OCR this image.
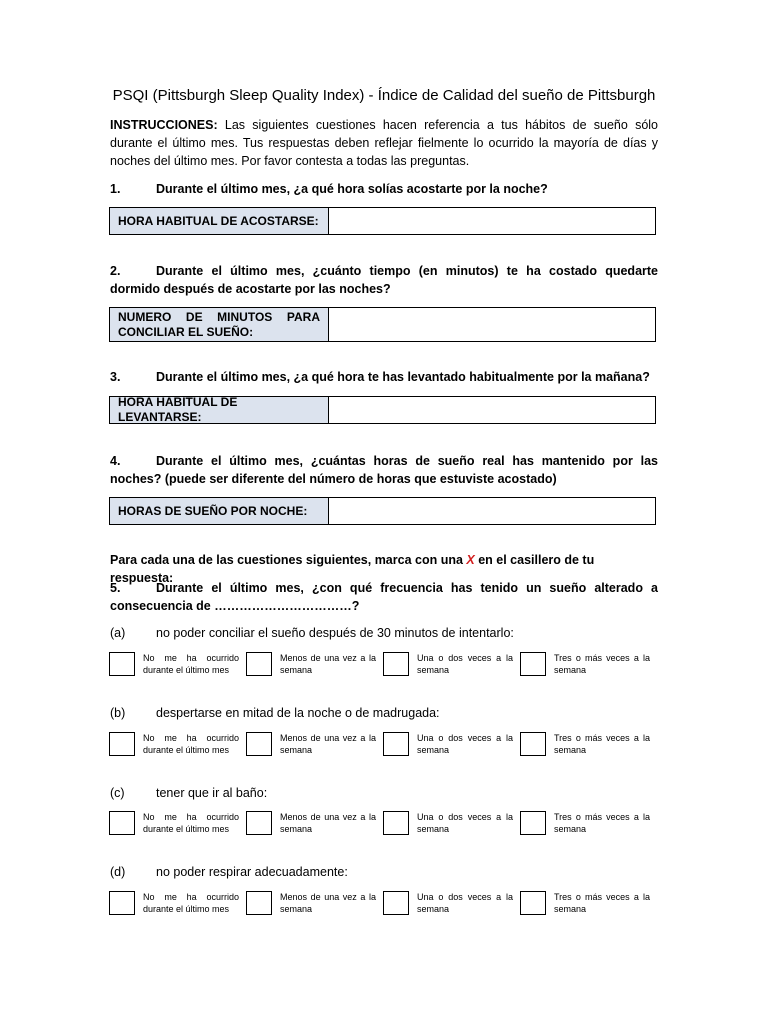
PSQI (Pittsburgh Sleep Quality Index) - Índice de Calidad del sueño de Pittsburgh
INSTRUCCIONES: Las siguientes cuestiones hacen referencia a tus hábitos de sueño sólo durante el último mes. Tus respuestas deben reflejar fielmente lo ocurrido la mayoría de días y noches del último mes. Por favor contesta a todas las preguntas.
1.	Durante el último mes, ¿a qué hora solías acostarte por la noche?
HORA HABITUAL DE ACOSTARSE:
2.	Durante el último mes, ¿cuánto tiempo (en minutos) te ha costado quedarte dormido después de acostarte por las noches?
NUMERO DE MINUTOS PARA CONCILIAR EL SUEÑO:
3.	Durante el último mes, ¿a qué hora te has levantado habitualmente por la mañana?
HORA HABITUAL DE LEVANTARSE:
4.	Durante el último mes, ¿cuántas horas de sueño real has mantenido por las noches? (puede ser diferente del número de horas que estuviste acostado)
HORAS DE SUEÑO POR NOCHE:
Para cada una de las cuestiones siguientes, marca con una X en el casillero de tu respuesta:
5.	Durante el último mes, ¿con qué frecuencia has tenido un sueño alterado a consecuencia de ……………………………?
(a) no poder conciliar el sueño después de 30 minutos de intentarlo:
No me ha ocurrido durante el último mes
Menos de una vez a la semana
Una o dos veces a la semana
Tres o más veces a la semana
(b) despertarse en mitad de la noche o de madrugada:
No me ha ocurrido durante el último mes
Menos de una vez a la semana
Una o dos veces a la semana
Tres o más veces a la semana
(c)	tener que ir al baño:
No me ha ocurrido durante el último mes
Menos de una vez a la semana
Una o dos veces a la semana
Tres o más veces a la semana
(d) no poder respirar adecuadamente:
No me ha ocurrido durante el último mes
Menos de una vez a la semana
Una o dos veces a la semana
Tres o más veces a la semana
